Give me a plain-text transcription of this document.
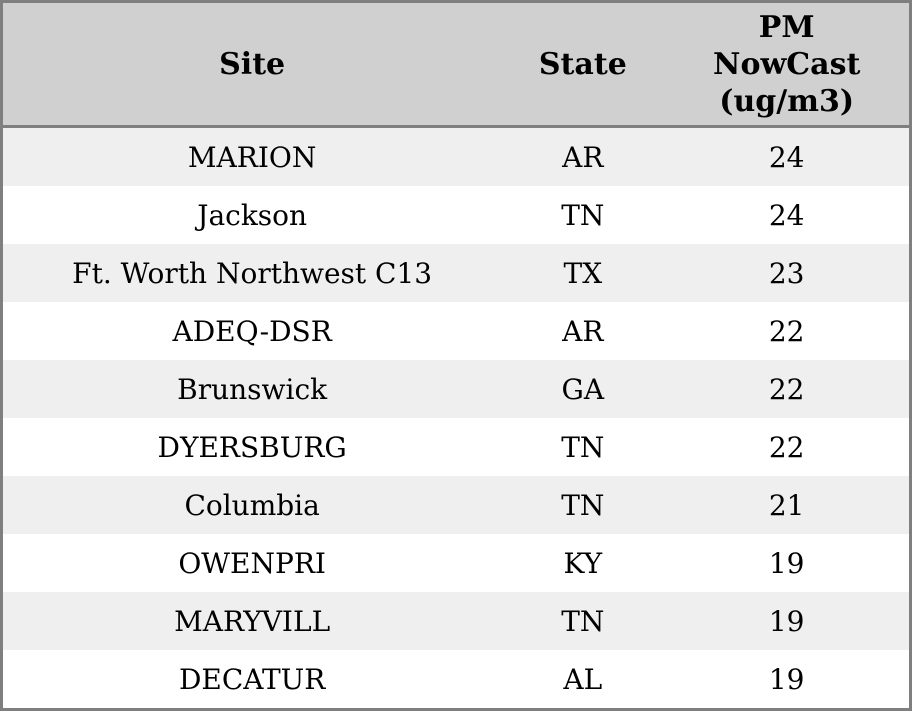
Site	State	PM NowCast (ug/m3)
MARION	AR	24
Jackson	TN	24
Ft. Worth Northwest C13	TX	23
ADEQ-DSR	AR	22
Brunswick	GA	22
DYERSBURG	TN	22
Columbia	TN	21
OWENPRI	KY	19
MARYVILL	TN	19
DECATUR	AL	19
